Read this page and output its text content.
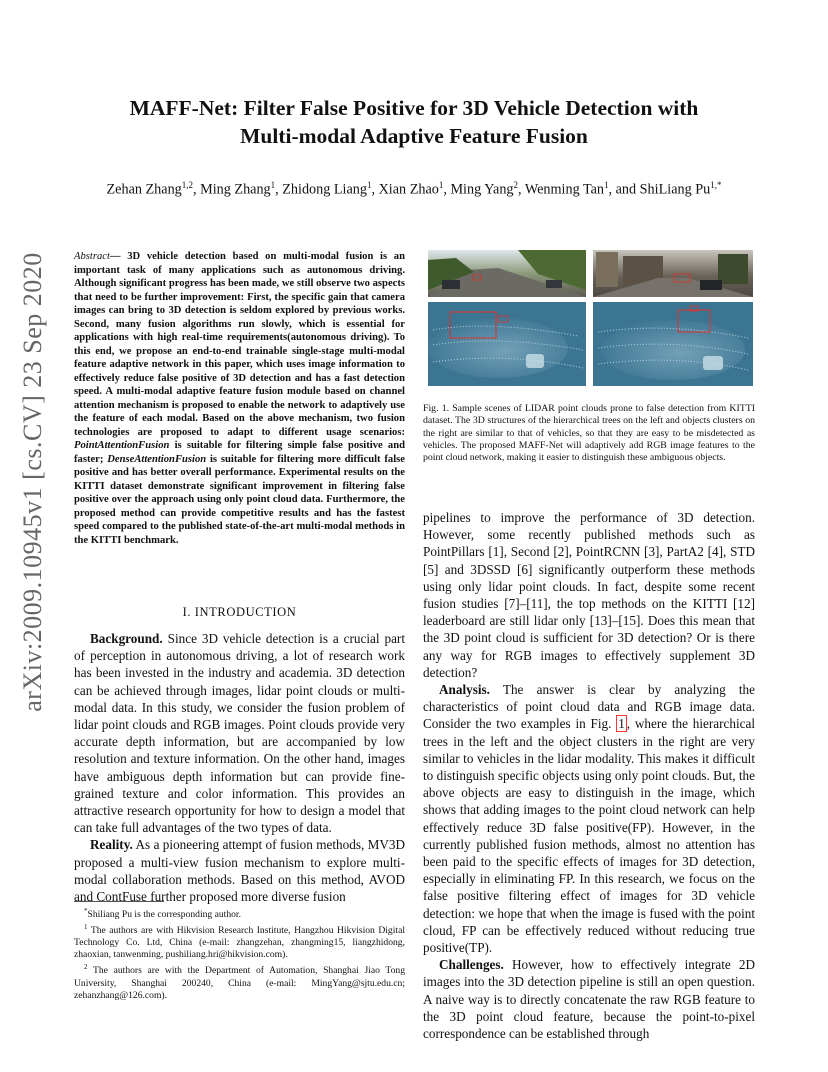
arXiv:2009.10945v1 [cs.CV] 23 Sep 2020
MAFF-Net: Filter False Positive for 3D Vehicle Detection with
Multi-modal Adaptive Feature Fusion
Zehan Zhang$^{1,2}$, Ming Zhang$^1$, Zhidong Liang$^1$, Xian Zhao$^1$, Ming Yang$^2$, Wenming Tan$^1$, and ShiLiang $Pu^{1,*}$
Abstract— 3D vehicle detection based on multi-modal fusion is an important task of many applications such as autonomous driving. Although significant progress has been made, we still observe two aspects that need to be further improvement: First, the specific gain that camera images can bring to 3D detection is seldom explored by previous works. Second, many fusion algorithms run slowly, which is essential for applications with high real-time requirements(autonomous driving). To this end, we propose an end-to-end trainable single-stage multi-modal feature adaptive network in this paper, which uses image information to effectively reduce false positive of 3D detection and has a fast detection speed. A multi-modal adaptive feature fusion module based on channel attention mechanism is proposed to enable the network to adaptively use the feature of each modal. Based on the above mechanism, two fusion technologies are proposed to adapt to different usage scenarios: PointAttentionFusion is suitable for filtering simple false positive and faster; DenseAttentionFusion is suitable for filtering more difficult false positive and has better overall performance. Experimental results on the KITTI dataset demonstrate significant improvement in filtering false positive over the approach using only point cloud data. Furthermore, the proposed method can provide competitive results and has the fastest speed compared to the published state-of-the-art multi-modal methods in the KITTI benchmark.
I. INTRODUCTION

Background. Since 3D vehicle detection is a crucial part of perception in autonomous driving, a lot of research work has been invested in the industry and academia. 3D detection can be achieved through images, lidar point clouds or multi-modal data. In this study, we consider the fusion problem of lidar point clouds and RGB images. Point clouds provide very accurate depth information, but are accompanied by low resolution and texture information. On the other hand, images have ambiguous depth information but can provide fine-grained texture and color information. This provides an attractive research opportunity for how to design a model that can take full advantages of the two types of data.

Reality. As a pioneering attempt of fusion methods, MV3D proposed a multi-view fusion mechanism to explore multi-modal collaboration methods. Based on this method, AVOD and ContFuse further proposed more diverse fusion

*Shiliang Pu is the corresponding author.

$^1$ The authors are with Hikvision Research Institute, Hangzhou Hikvision Digital Technology Co. Ltd, China (e-mail: zhangzehan, zhangming15, liangzhidong, zhaoxian, tanwenming, pushiliang.hri@hikvision.com).

$^2$ The authors are with the Department of Automation, Shanghai Jiao Tong University, Shanghai 200240, China (e-mail: MingYang@sjtu.edu.cn; zehanzhang@126.com).

Fig. 1. Sample scenes of LIDAR point clouds prone to false detection from KITTI dataset. The 3D structures of the hierarchical trees on the left and objects clusters on the right are similar to that of vehicles, so that they are easy to be misdetected as vehicles. The proposed MAFF-Net will adaptively add RGB image features to the point cloud network, making it easier to distinguish these ambiguous objects.

pipelines to improve the performance of 3D detection. However, some recently published methods such as PointPillars [1], Second [2], PointRCNN [3], PartA2 [4], STD [5] and 3DSSD [6] significantly outperform these methods using only lidar point clouds. In fact, despite some recent fusion studies [7]–[11], the top methods on the KITTI [12] leaderboard are still lidar only [13]–[15]. Does this mean that the 3D point cloud is sufficient for 3D detection? Or is there any way for RGB images to effectively supplement 3D detection?

Analysis. The answer is clear by analyzing the characteristics of point cloud data and RGB image data. Consider the two examples in Fig. 1 , where the hierarchical trees in the left and the object clusters in the right are very similar to vehicles in the lidar modality. This makes it difficult to distinguish specific objects using only point clouds. But, the above objects are easy to distinguish in the image, which shows that adding images to the point cloud network can help effectively reduce 3D false positive(FP). However, in the currently published fusion methods, almost no attention has been paid to the specific effects of images for 3D detection, especially in eliminating FP. In this research, we focus on the false positive filtering effect of images for 3D vehicle detection: we hope that when the image is fused with the point cloud, FP can be effectively reduced without reducing true positive(TP).

Challenges. However, how to effectively integrate 2D images into the 3D detection pipeline is still an open question. A naive way is to directly concatenate the raw RGB feature to the 3D point cloud feature, because the point-to-pixel correspondence can be established through
